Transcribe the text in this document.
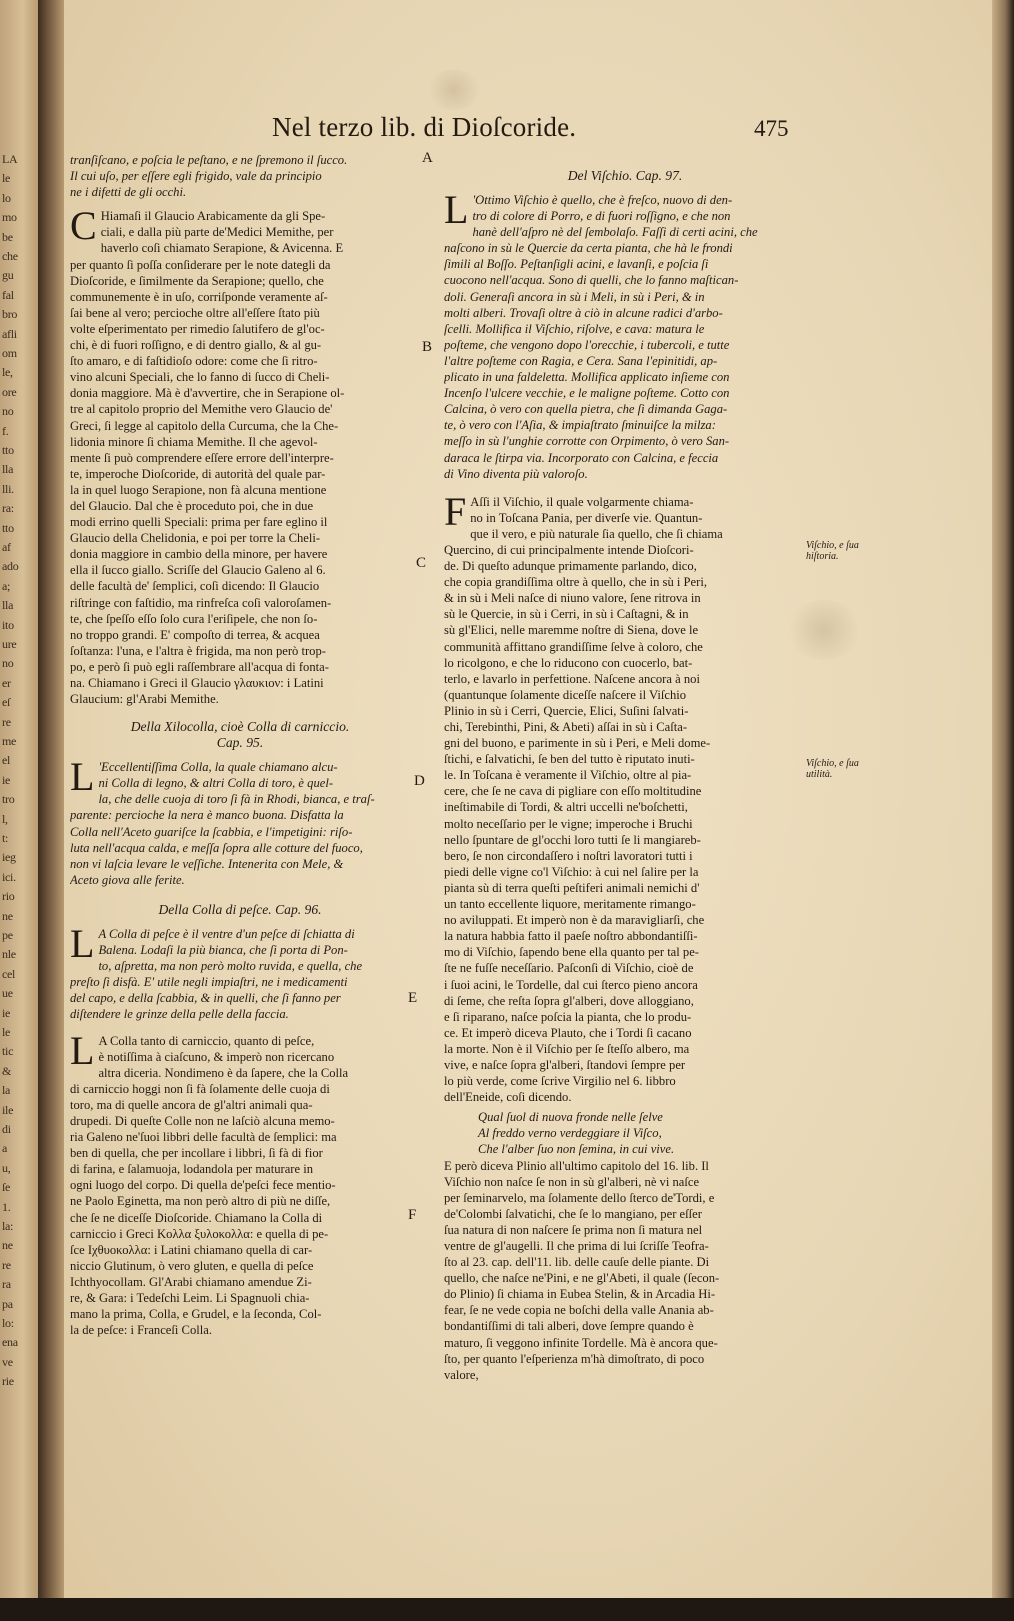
LA
le
lo
mo
be
che
gu
fal
bro
afli
om
le,
ore
no
f.
tto
lla
lli.
ra:
tto
af
ado
a;
lla
ito
ure
no
er
eſ
re
me
el
ie
tro
l,
t:
ieg
ici.
rio
ne
pe
nle
cel
ue
ie
le
tic
&
la
ile
di
a
u,
ſe
1.
la:
ne
re
ra
pa
lo:
ena
ve
rie
Nel terzo lib. di Dioſcoride.	475
A
B
C
D
E
F
Viſchio, e ſua hiſtoria.
Viſchio, e ſua utilità.
tranſiſcano, e poſcia le peſtano, e ne ſpremono il ſucco.
Il cui uſo, per eſſere egli frigido, vale da principio
ne i difetti de gli occhi.
C Hiamaſi il Glaucio Arabicamente da gli Spe-
ciali, e dalla più parte de'Medici Memithe, per
haverlo coſi chiamato Serapione, & Avicenna. E
per quanto ſi poſſa conſiderare per le note dategli da
Dioſcoride, e ſimilmente da Serapione; quello, che
communemente è in uſo, corriſponde veramente aſ-
ſai bene al vero; percioche oltre all'eſſere ſtato più
volte eſperimentato per rimedio ſalutifero de gl'oc-
chi, è di fuori roſſigno, e di dentro giallo, & al gu-
ſto amaro, e di faſtidioſo odore: come che ſi ritro-
vino alcuni Speciali, che lo fanno di ſucco di Cheli-
donia maggiore. Mà è d'avvertire, che in Serapione ol-
tre al capitolo proprio del Memithe vero Glaucio de'
Greci, ſi legge al capitolo della Curcuma, che la Che-
lidonia minore ſi chiama Memithe. Il che agevol-
mente ſi può comprendere eſſere errore dell'interpre-
te, imperoche Dioſcoride, di autorità del quale par-
la in quel luogo Serapione, non fà alcuna mentione
del Glaucio. Dal che è proceduto poi, che in due
modi errino quelli Speciali: prima per fare eglino il
Glaucio della Chelidonia, e poi per torre la Cheli-
donia maggiore in cambio della minore, per havere
ella il ſucco giallo. Scriſſe del Glaucio Galeno al 6.
delle facultà de' ſemplici, coſi dicendo: Il Glaucio
riſtringe con faſtidio, ma rinfreſca coſi valoroſamen-
te, che ſpeſſo eſſo ſolo cura l'eriſipele, che non ſo-
no troppo grandi. E' compoſto di terrea, & acquea
ſoſtanza: l'una, e l'altra è frigida, ma non però trop-
po, e però ſi può egli raſſembrare all'acqua di fonta-
na. Chiamano i Greci il Glaucio γλαυκιον: i Latini
Glaucium: gl'Arabi Memithe.
Della Xilocolla, cioè Colla di carniccio.
Cap. 95.
L 'Eccellentiſſima Colla, la quale chiamano alcu-
ni Colla di legno, & altri Colla di toro, è quel-
la, che delle cuoja di toro ſi fà in Rhodi, bianca, e traſ-
parente: percioche la nera è manco buona. Disfatta la
Colla nell'Aceto guariſce la ſcabbia, e l'impetigini: riſo-
luta nell'acqua calda, e meſſa ſopra alle cotture del fuoco,
non vi laſcia levare le veſſiche. Intenerita con Mele, &
Aceto giova alle ferite.
Della Colla di peſce. Cap. 96.
L A Colla di peſce è il ventre d'un peſce di ſchiatta di
Balena. Lodaſi la più bianca, che ſi porta di Pon-
to, aſpretta, ma non però molto ruvida, e quella, che
preſto ſi disfà. E' utile negli impiaſtri, ne i medicamenti
del capo, e della ſcabbia, & in quelli, che ſi fanno per
diſtendere le grinze della pelle della faccia.
L A Colla tanto di carniccio, quanto di peſce,
è notiſſima à ciaſcuno, & imperò non ricercano
altra diceria. Nondimeno è da ſapere, che la Colla
di carniccio hoggi non ſi fà ſolamente delle cuoja di
toro, ma di quelle ancora de gl'altri animali qua-
drupedi. Di queſte Colle non ne laſciò alcuna memo-
ria Galeno ne'ſuoi libbri delle facultà de ſemplici: ma
ben di quella, che per incollare i libbri, ſi fà di fior
di farina, e ſalamuoja, lodandola per maturare in
ogni luogo del corpo. Di quella de'peſci fece mentio-
ne Paolo Eginetta, ma non però altro di più ne diſſe,
che ſe ne diceſſe Dioſcoride. Chiamano la Colla di
carniccio i Greci Κολλα ξυλοκολλα: e quella di pe-
ſce Ιχθυοκολλα: i Latini chiamano quella di car-
niccio Glutinum, ò vero gluten, e quella di peſce
Ichthyocollam. Gl'Arabi chiamano amendue Zi-
re, & Gara: i Tedeſchi Leim. Li Spagnuoli chia-
mano la prima, Colla, e Grudel, e la ſeconda, Col-
la de peſce: i Franceſi Colla.
Del Viſchio. Cap. 97.
L 'Ottimo Viſchio è quello, che è freſco, nuovo di den-
tro di colore di Porro, e di fuori roſſigno, e che non
hanè dell'aſpro nè del ſembolaſo. Faſſi di certi acini, che
naſcono in sù le Quercie da certa pianta, che hà le frondi
ſimili al Boſſo. Peſtanſigli acini, e lavanſi, e poſcia ſi
cuocono nell'acqua. Sono di quelli, che lo fanno maſtican-
doli. Generaſi ancora in sù i Meli, in sù i Peri, & in
molti alberi. Trovaſi oltre à ciò in alcune radici d'arbo-
ſcelli. Mollifica il Viſchio, riſolve, e cava: matura le
poſteme, che vengono dopo l'orecchie, i tubercoli, e tutte
l'altre poſteme con Ragia, e Cera. Sana l'epinitidi, ap-
plicato in una faldeletta. Mollifica applicato inſieme con
Incenſo l'ulcere vecchie, e le maligne poſteme. Cotto con
Calcina, ò vero con quella pietra, che ſi dimanda Gaga-
te, ò vero con l'Aſia, & impiaſtrato ſminuiſce la milza:
meſſo in sù l'unghie corrotte con Orpimento, ò vero San-
daraca le ſtirpa via. Incorporato con Calcina, e feccia
di Vino diventa più valoroſo.
F Aſſi il Viſchio, il quale volgarmente chiama-
no in Toſcana Pania, per diverſe vie. Quantun-
que il vero, e più naturale ſia quello, che ſi chiama
Quercino, di cui principalmente intende Dioſcori-
de. Di queſto adunque primamente parlando, dico,
che copia grandiſſima oltre à quello, che in sù i Peri,
& in sù i Meli naſce di niuno valore, ſene ritrova in
sù le Quercie, in sù i Cerri, in sù i Caſtagni, & in
sù gl'Elici, nelle maremme noſtre di Siena, dove le
communità affittano grandiſſime ſelve à coloro, che
lo ricolgono, e che lo riducono con cuocerlo, bat-
terlo, e lavarlo in perfettione. Naſcene ancora à noi
(quantunque ſolamente diceſſe naſcere il Viſchio
Plinio in sù i Cerri, Quercie, Elici, Suſini ſalvati-
chi, Terebinthi, Pini, & Abeti) aſſai in sù i Caſta-
gni del buono, e parimente in sù i Peri, e Meli dome-
ſtichi, e ſalvatichi, ſe ben del tutto è riputato inuti-
le. In Toſcana è veramente il Viſchio, oltre al pia-
cere, che ſe ne cava di pigliare con eſſo moltitudine
ineſtimabile di Tordi, & altri uccelli ne'boſchetti,
molto neceſſario per le vigne; imperoche i Bruchi
nello ſpuntare de gl'occhi loro tutti ſe li mangiareb-
bero, ſe non circondaſſero i noſtri lavoratori tutti i
piedi delle vigne co'l Viſchio: à cui nel ſalire per la
pianta sù di terra queſti peſtiferi animali nemichi d'
un tanto eccellente liquore, meritamente rimango-
no aviluppati. Et imperò non è da maravigliarſi, che
la natura habbia fatto il paeſe noſtro abbondantiſſi-
mo di Viſchio, ſapendo bene ella quanto per tal pe-
ſte ne fuſſe neceſſario. Paſconſi di Viſchio, cioè de
i ſuoi acini, le Tordelle, dal cui ſterco pieno ancora
di ſeme, che reſta ſopra gl'alberi, dove alloggiano,
e ſi riparano, naſce poſcia la pianta, che lo produ-
ce. Et imperò diceva Plauto, che i Tordi ſi cacano
la morte. Non è il Viſchio per ſe ſteſſo albero, ma
vive, e naſce ſopra gl'alberi, ſtandovi ſempre per
lo più verde, come ſcrive Virgilio nel 6. libbro
dell'Eneide, coſi dicendo.
Qual ſuol di nuova fronde nelle ſelve
Al freddo verno verdeggiare il Viſco,
Che l'alber ſuo non ſemina, in cui vive.
E però diceva Plinio all'ultimo capitolo del 16. lib. Il
Viſchio non naſce ſe non in sù gl'alberi, nè vi naſce
per ſeminarvelo, ma ſolamente dello ſterco de'Tordi, e
de'Colombi ſalvatichi, che ſe lo mangiano, per eſſer
ſua natura di non naſcere ſe prima non ſi matura nel
ventre de gl'augelli. Il che prima di lui ſcriſſe Teofra-
ſto al 23. cap. dell'11. lib. delle cauſe delle piante. Di
quello, che naſce ne'Pini, e ne gl'Abeti, il quale (ſecon-
do Plinio) ſi chiama in Eubea Stelin, & in Arcadia Hi-
fear, ſe ne vede copia ne boſchi della valle Anania ab-
bondantiſſimi di tali alberi, dove ſempre quando è
maturo, ſi veggono infinite Tordelle. Mà è ancora que-
ſto, per quanto l'eſperienza m'hà dimoſtrato, di poco
valore,
